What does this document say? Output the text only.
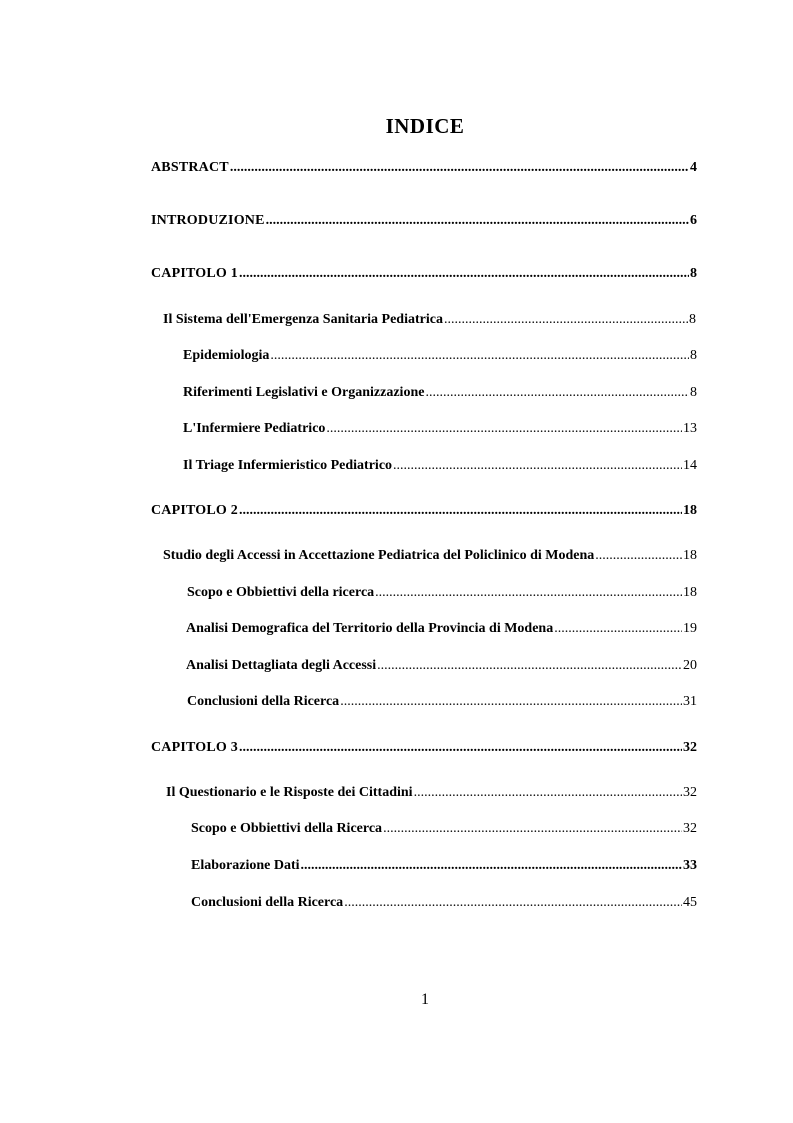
INDICE
ABSTRACT .....	4
INTRODUZIONE .....	6
CAPITOLO 1 .....	8
Il Sistema dell'Emergenza Sanitaria Pediatrica .....	8
Epidemiologia .....	8
Riferimenti Legislativi e Organizzazione .....	8
L'Infermiere Pediatrico .....	13
Il Triage Infermieristico Pediatrico .....	14
CAPITOLO 2 .....	18
Studio degli Accessi in Accettazione Pediatrica del Policlinico di Modena .....	18
Scopo e Obbiettivi della ricerca .....	18
Analisi Demografica del Territorio della Provincia di Modena .....	19
Analisi Dettagliata degli Accessi .....	20
Conclusioni della Ricerca .....	31
CAPITOLO 3 .....	32
Il Questionario e le Risposte dei Cittadini .....	32
Scopo e Obbiettivi della Ricerca .....	32
Elaborazione Dati .....	33
Conclusioni della Ricerca .....	45
1
